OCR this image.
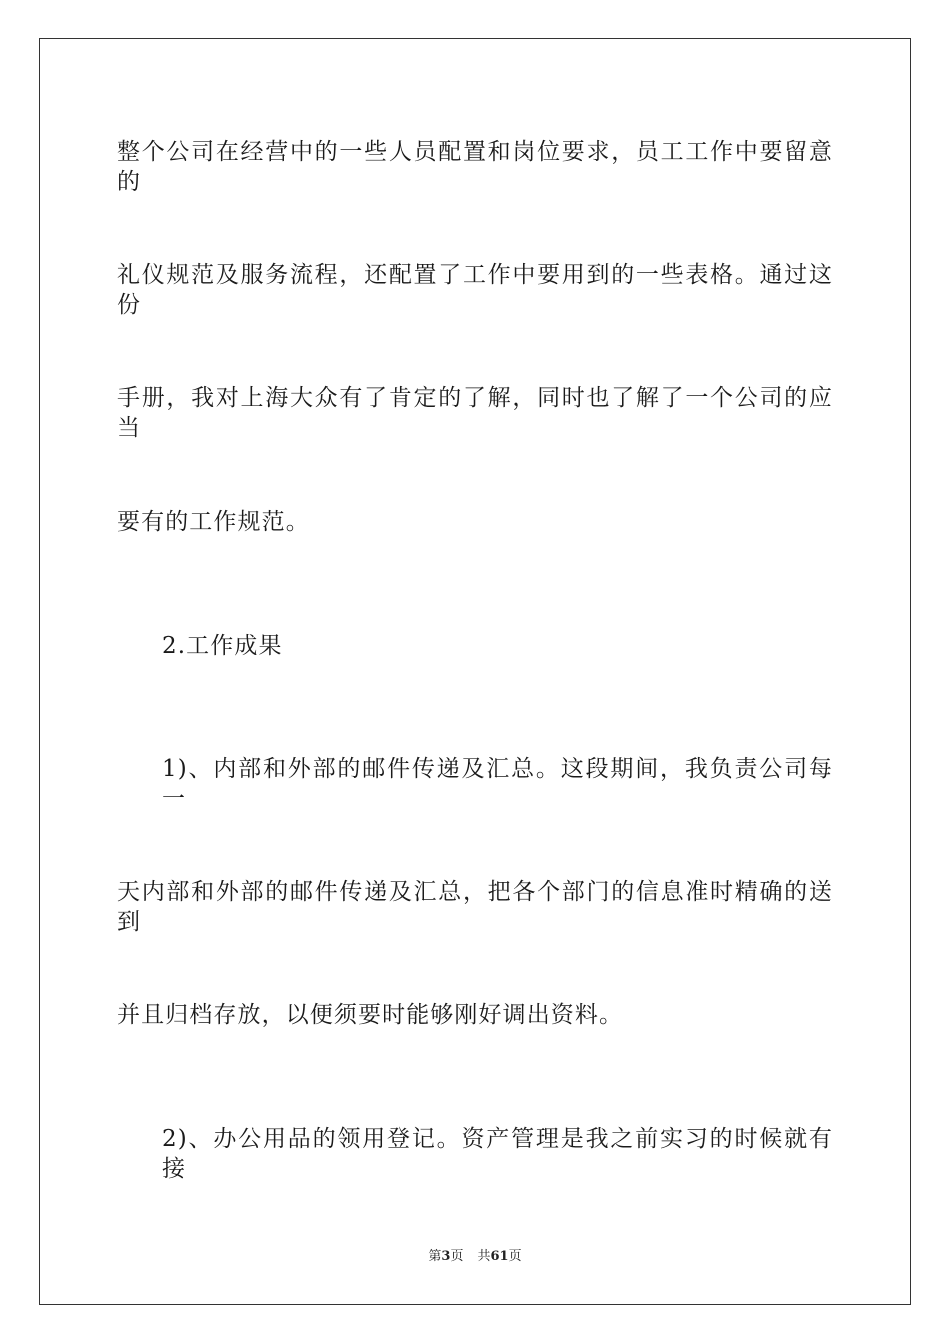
整个公司在经营中的一些人员配置和岗位要求，员工工作中要留意的
礼仪规范及服务流程，还配置了工作中要用到的一些表格。通过这份
手册，我对上海大众有了肯定的了解，同时也了解了一个公司的应当
要有的工作规范。
2.工作成果
1)、内部和外部的邮件传递及汇总。这段期间，我负责公司每一
天内部和外部的邮件传递及汇总，把各个部门的信息准时精确的送到
并且归档存放，以便须要时能够刚好调出资料。
2)、办公用品的领用登记。资产管理是我之前实习的时候就有接
第3页 共61页
